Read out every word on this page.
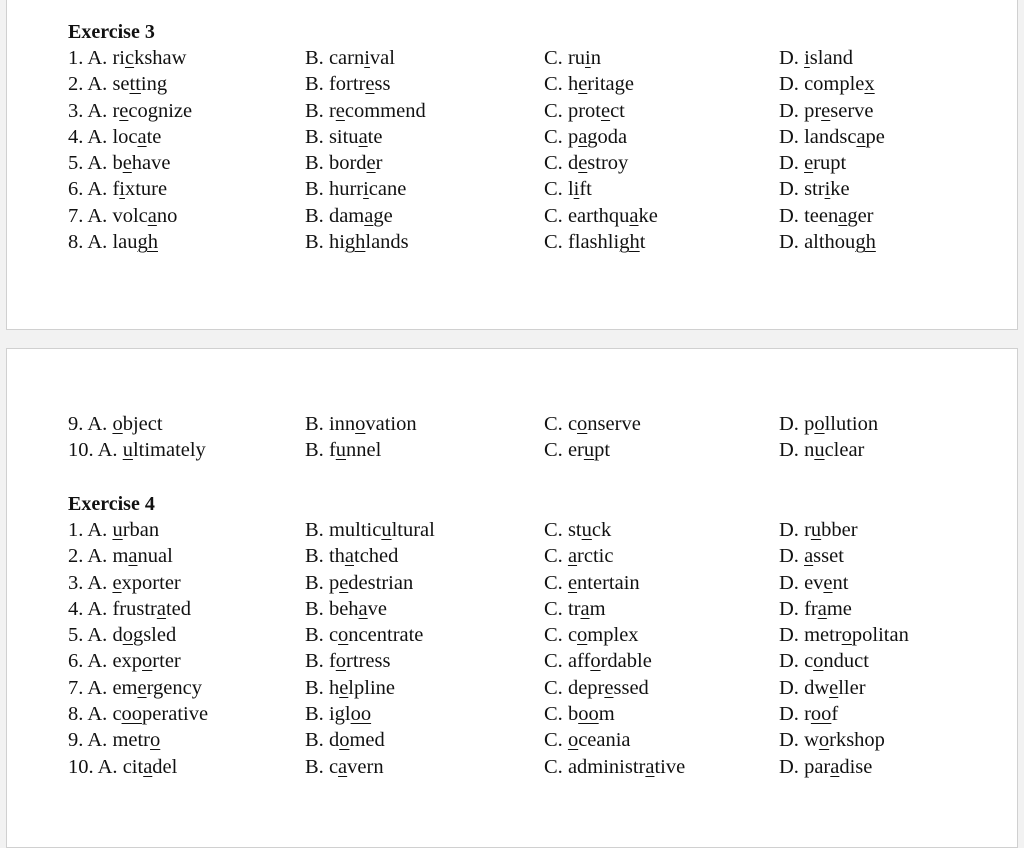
Exercise 3
1. A. rickshaw	B. carnival	C. ruin	D. island
2. A. setting	B. fortress	C. heritage	D. complex
3. A. recognize	B. recommend	C. protect	D. preserve
4. A. locate	B. situate	C. pagoda	D. landscape
5. A. behave	B. border	C. destroy	D. erupt
6. A. fixture	B. hurricane	C. lift	D. strike
7. A. volcano	B. damage	C. earthquake	D. teenager
8. A. laugh	B. highlands	C. flashlight	D. although
9. A. object	B. innovation	C. conserve	D. pollution
10. A. ultimately	B. funnel	C. erupt	D. nuclear
Exercise 4
1. A. urban	B. multicultural	C. stuck	D. rubber
2. A. manual	B. thatched	C. arctic	D. asset
3. A. exporter	B. pedestrian	C. entertain	D. event
4. A. frustrated	B. behave	C. tram	D. frame
5. A. dogsled	B. concentrate	C. complex	D. metropolitan
6. A. exporter	B. fortress	C. affordable	D. conduct
7. A. emergency	B. helpline	C. depressed	D. dweller
8. A. cooperative	B. igloo	C. boom	D. roof
9. A. metro	B. domed	C. oceania	D. workshop
10. A. citadel	B. cavern	C. administrative	D. paradise
